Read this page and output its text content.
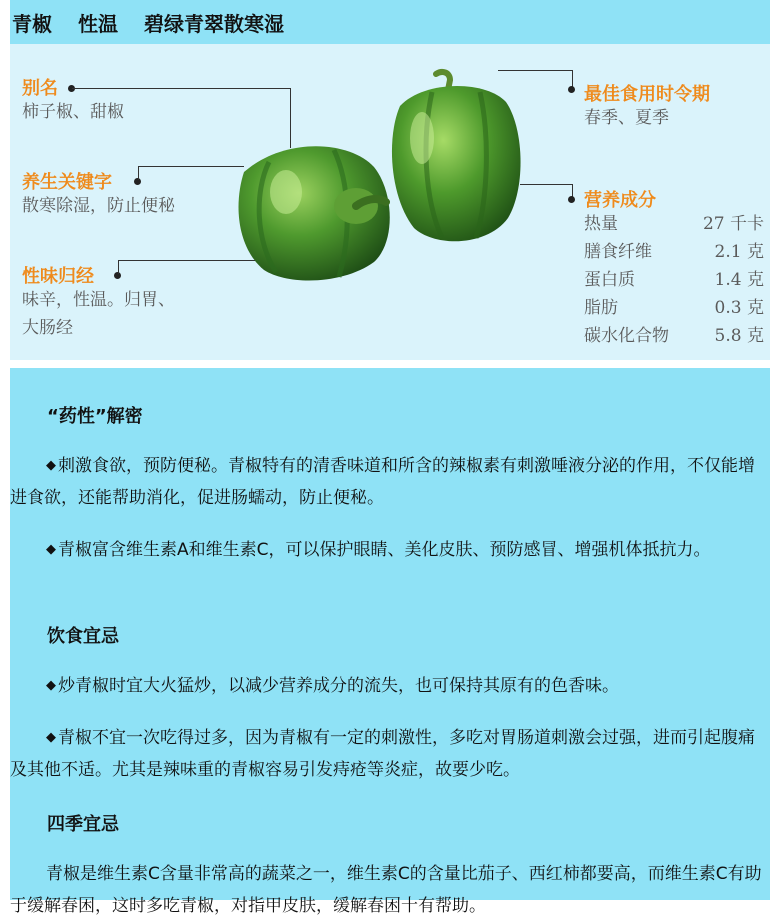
青椒 性温 碧绿青翠散寒湿
别名
柿子椒、甜椒
养生关键字
散寒除湿，防止便秘
性味归经
味辛，性温。归胃、
大肠经
最佳食用时令期
春季、夏季
营养成分
热量	27 千卡
膳食纤维	2.1 克
蛋白质	1.4 克
脂肪	0.3 克
碳水化合物	5.8 克
“药性”解密
◆ 刺激食欲，预防便秘。青椒特有的清香味道和所含的辣椒素有刺激唾液分泌的作用，不仅能增进食欲，还能帮助消化，促进肠蠕动，防止便秘。
◆ 青椒富含维生素A和维生素C，可以保护眼睛、美化皮肤、预防感冒、增强机体抵抗力。
饮食宜忌
◆ 炒青椒时宜大火猛炒，以减少营养成分的流失，也可保持其原有的色香味。
◆ 青椒不宜一次吃得过多，因为青椒有一定的刺激性，多吃对胃肠道刺激会过强，进而引起腹痛及其他不适。尤其是辣味重的青椒容易引发痔疮等炎症，故要少吃。
四季宜忌
青椒是维生素C含量非常高的蔬菜之一，维生素C的含量比茄子、西红柿都要高，而维生素C有助于缓解春困，这时多吃青椒，对指甲皮肤，缓解春困十有帮助。
